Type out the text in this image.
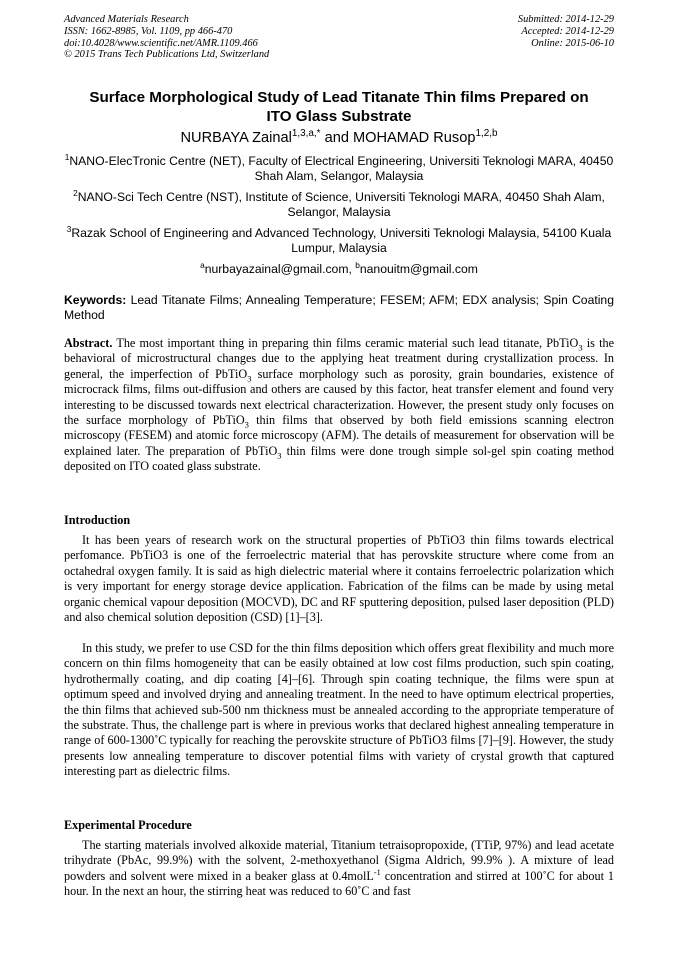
Advanced Materials Research
ISSN: 1662-8985, Vol. 1109, pp 466-470
doi:10.4028/www.scientific.net/AMR.1109.466
© 2015 Trans Tech Publications Ltd, Switzerland
Submitted: 2014-12-29
Accepted: 2014-12-29
Online: 2015-06-10
Surface Morphological Study of Lead Titanate Thin films Prepared on
ITO Glass Substrate
NURBAYA Zainal$^{1,3,a,*}$ and MOHAMAD Rusop$^{1,2,b}$
$^1$NANO-ElecTronic Centre (NET), Faculty of Electrical Engineering, Universiti Teknologi MARA, 40450 Shah Alam, Selangor, Malaysia
$^2$NANO-Sci Tech Centre (NST), Institute of Science, Universiti Teknologi MARA, 40450 Shah Alam, Selangor, Malaysia
$^3$Razak School of Engineering and Advanced Technology, Universiti Teknologi Malaysia, 54100 Kuala Lumpur, Malaysia
$^a$nurbayazainal@gmail.com, $^b$nanouitm@gmail.com
Keywords: Lead Titanate Films; Annealing Temperature; FESEM; AFM; EDX analysis; Spin Coating Method
Abstract. The most important thing in preparing thin films ceramic material such lead titanate, PbTiO$_3$ is the behavioral of microstructural changes due to the applying heat treatment during crystallization process. In general, the imperfection of PbTiO$_3$ surface morphology such as porosity, grain boundaries, existence of microcrack films, films out-diffusion and others are caused by this factor, heat transfer element and found very interesting to be discussed towards next electrical characterization. However, the present study only focuses on the surface morphology of PbTiO$_3$ thin films that observed by both field emissions scanning electron microscopy (FESEM) and atomic force microscopy (AFM). The details of measurement for observation will be explained later. The preparation of PbTiO$_3$ thin films were done trough simple sol-gel spin coating method deposited on ITO coated glass substrate.
Introduction
It has been years of research work on the structural properties of PbTiO3 thin films towards electrical perfomance. PbTiO3 is one of the ferroelectric material that has perovskite structure where come from an octahedral oxygen family. It is said as high dielectric material where it contains ferroelectric polarization which is very important for energy storage device application. Fabrication of the films can be made by using metal organic chemical vapour deposition (MOCVD), DC and RF sputtering deposition, pulsed laser deposition (PLD) and also chemical solution deposition (CSD) [1]–[3].
In this study, we prefer to use CSD for the thin films deposition which offers great flexibility and much more concern on thin films homogeneity that can be easily obtained at low cost films production, such spin coating, hydrothermally coating, and dip coating [4]–[6]. Through spin coating technique, the films were spun at optimum speed and involved drying and annealing treatment. In the need to have optimum electrical properties, the thin films that achieved sub-500 nm thickness must be annealed according to the appropriate temperature of the substrate. Thus, the challenge part is where in previous works that declared highest annealing temperature in range of 600-1300˚C typically for reaching the perovskite structure of PbTiO3 films [7]–[9]. However, the study presents low annealing temperature to discover potential films with variety of crystal growth that captured interesting part as dielectric films.
Experimental Procedure
The starting materials involved alkoxide material, Titanium tetraisopropoxide, (TTiP, 97%) and lead acetate trihydrate (PbAc, 99.9%) with the solvent, 2-methoxyethanol (Sigma Aldrich, 99.9% ). A mixture of lead powders and solvent were mixed in a beaker glass at 0.4molL$^{-1}$ concentration and stirred at 100˚C for about 1 hour. In the next an hour, the stirring heat was reduced to 60˚C and fast
